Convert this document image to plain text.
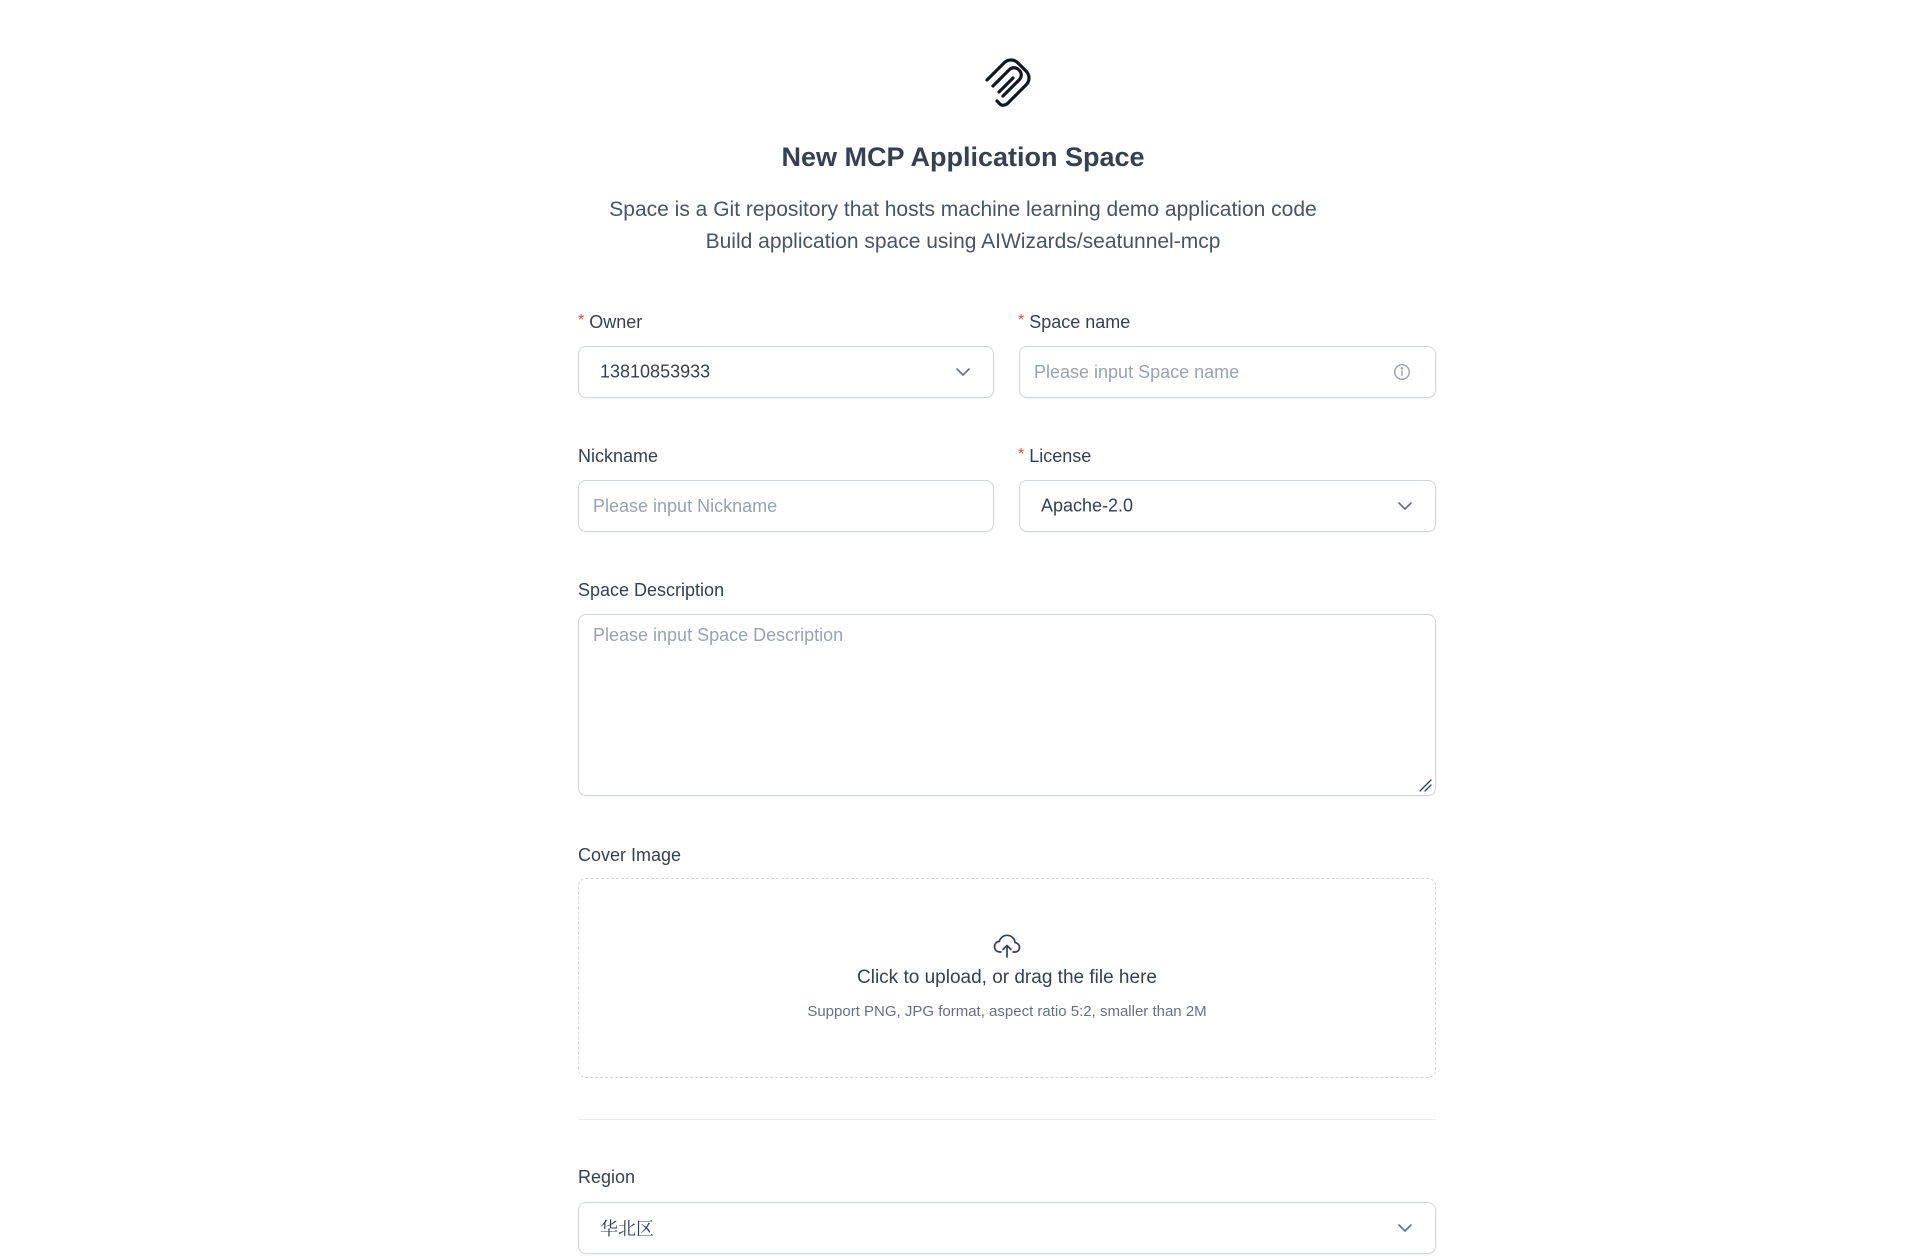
New MCP Application Space
Space is a Git repository that hosts machine learning demo application code
Build application space using AIWizards/seatunnel-mcp
* Owner
13810853933
* Space name
Please input Space name
Nickname
Please input Nickname	* License
Apache-2.0
Space Description
Please input Space Description
Cover Image
Click to upload, or drag the file here
Support PNG, JPG format, aspect ratio 5:2, smaller than 2M
Region
华北区
